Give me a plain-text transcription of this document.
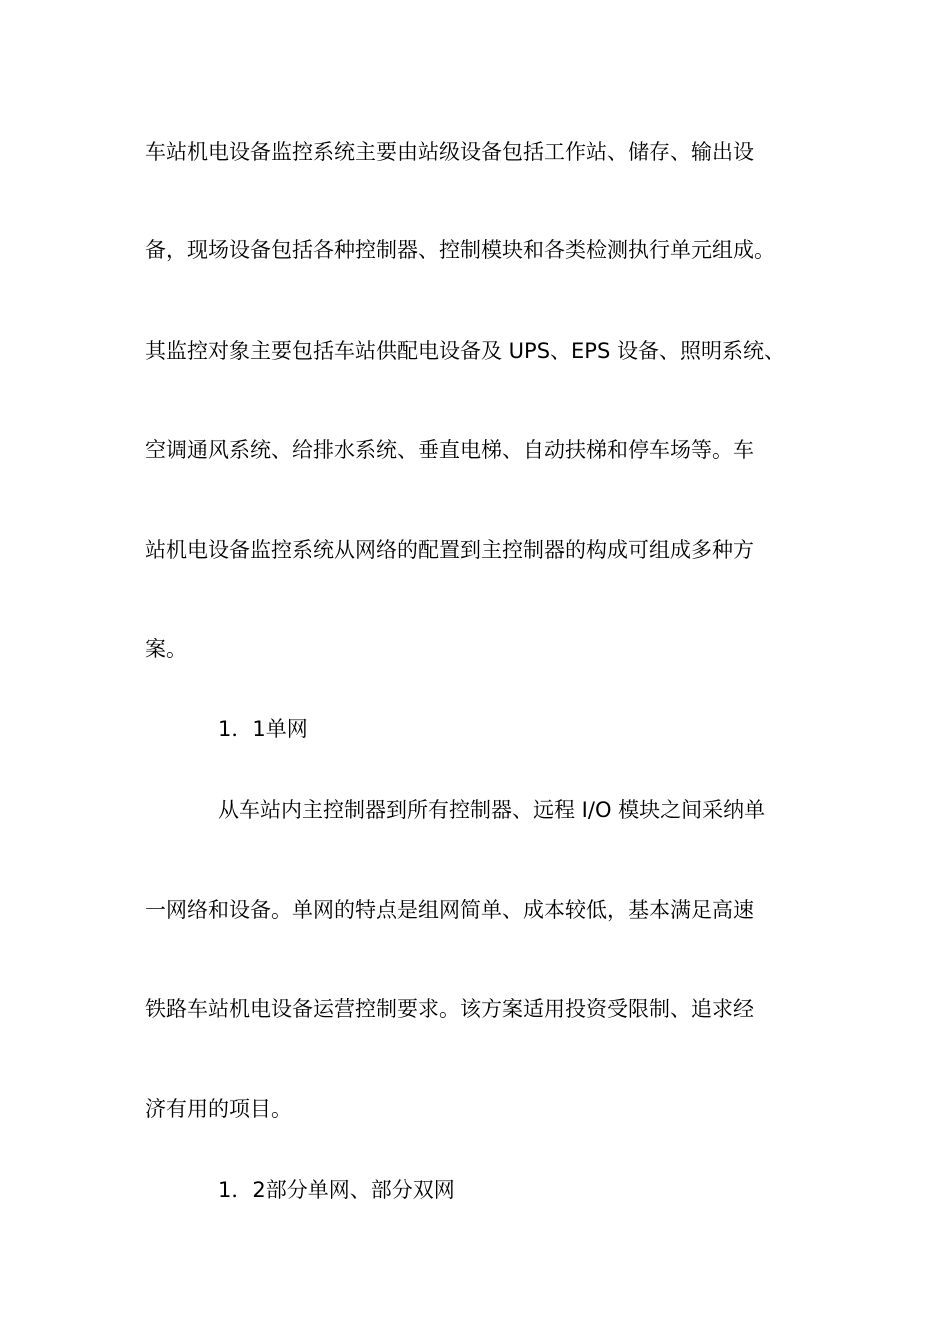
车站机电设备监控系统主要由站级设备包括工作站、储存、输出设
备，现场设备包括各种控制器、控制模块和各类检测执行单元组成。
其监控对象主要包括车站供配电设备及 UPS、EPS 设备、照明系统、
空调通风系统、给排水系统、垂直电梯、自动扶梯和停车场等。车
站机电设备监控系统从网络的配置到主控制器的构成可组成多种方
案。
1．1单网
从车站内主控制器到所有控制器、远程 I/O 模块之间采纳单
一网络和设备。单网的特点是组网简单、成本较低，基本满足高速
铁路车站机电设备运营控制要求。该方案适用投资受限制、追求经
济有用的项目。
1．2部分单网、部分双网
